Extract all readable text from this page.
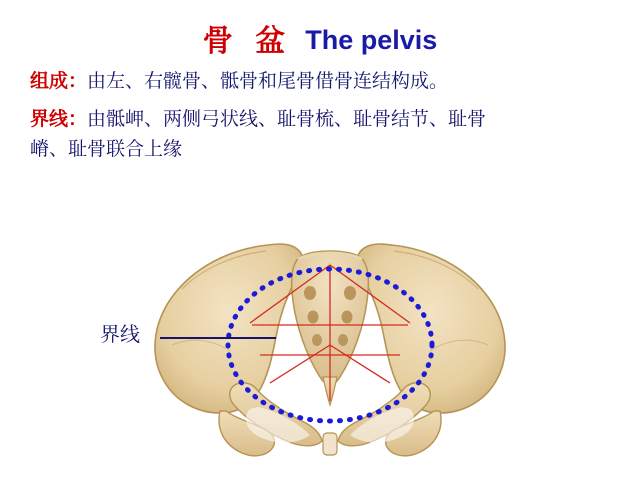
骨 盆 The pelvis
组成：由左、右髋骨、骶骨和尾骨借骨连结构成。
界线：由骶岬、两侧弓状线、耻骨梳、耻骨结节、耻骨
嵴、耻骨联合上缘
界线
